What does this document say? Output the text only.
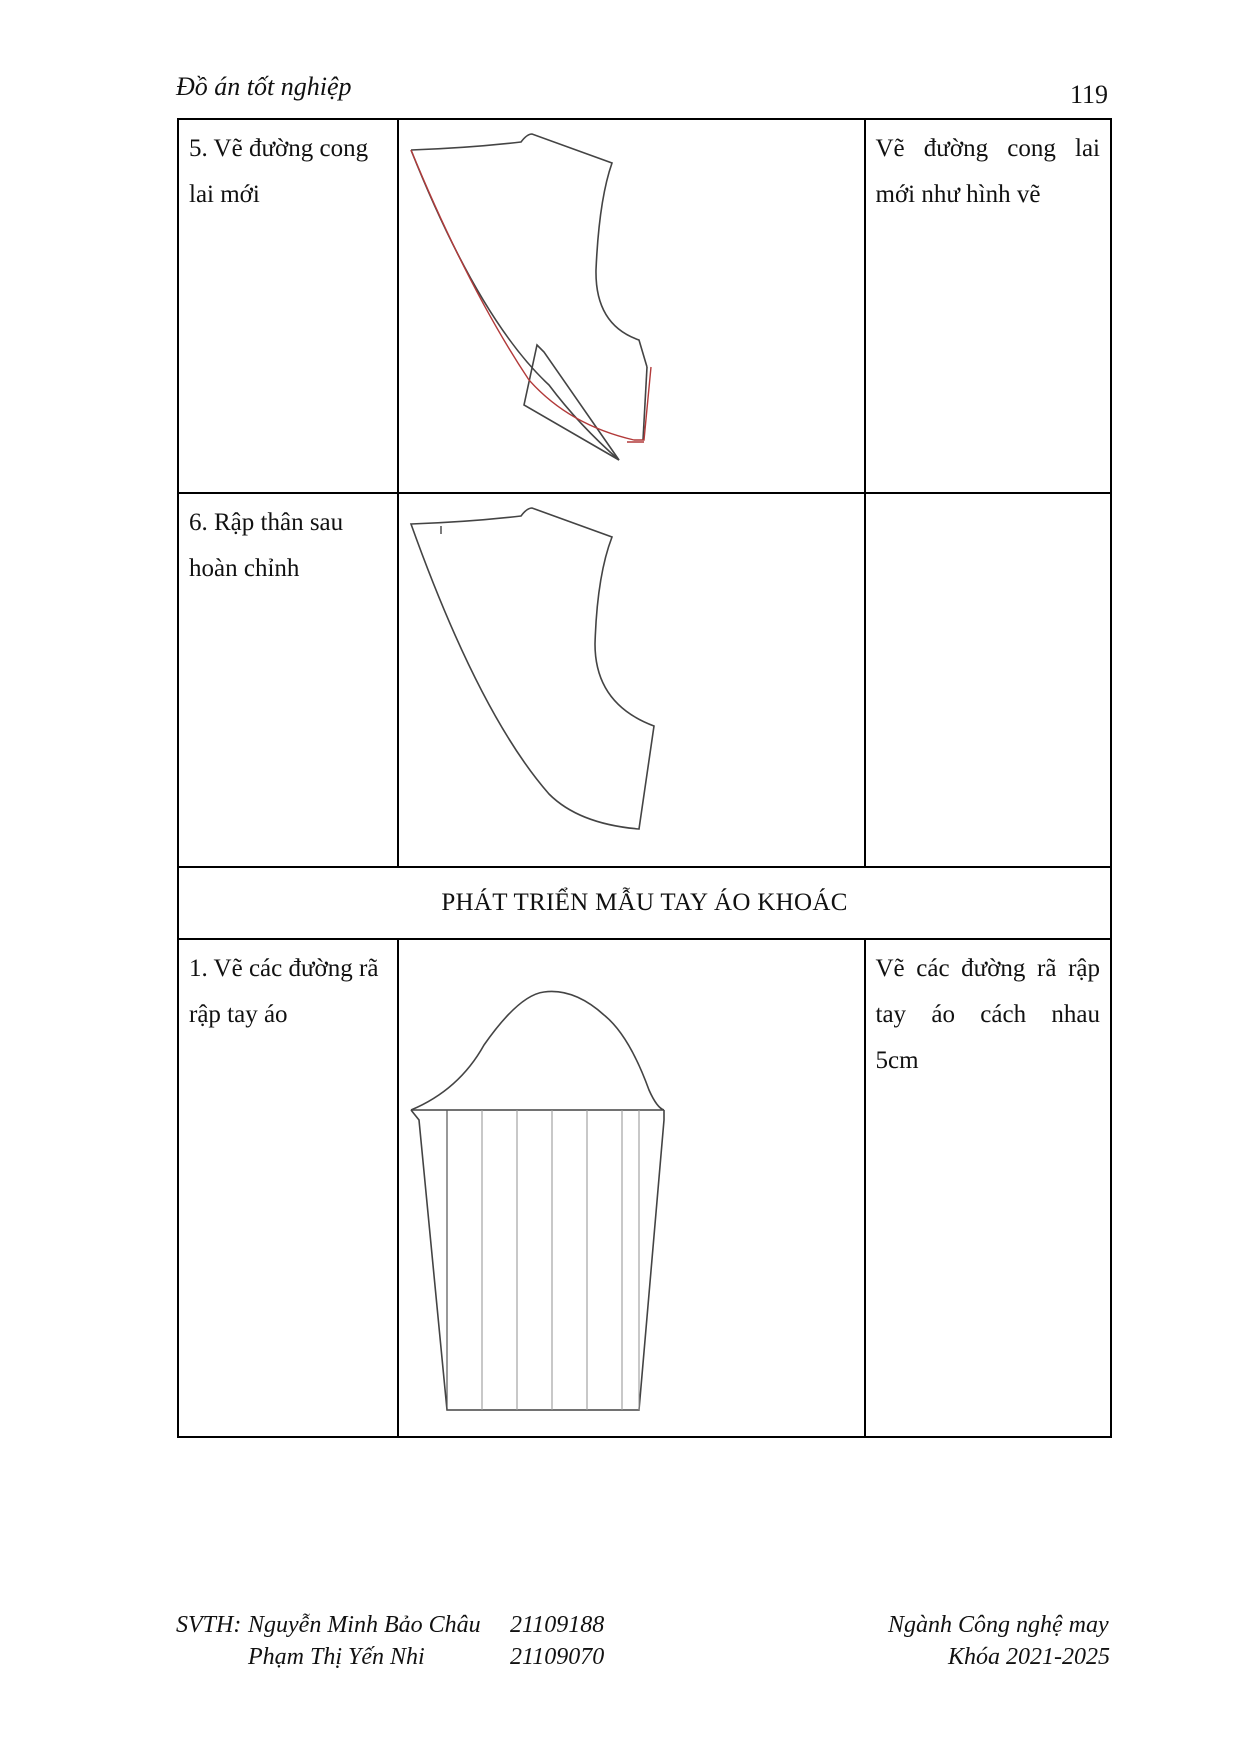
Đồ án tốt nghiệp	119
5. Vẽ đường cong lai mới		Vẽ đường cong lai
mới như hình vẽ

6. Rập thân sau hoàn chỉnh	

PHÁT TRIỂN MẪU TAY ÁO KHOÁC		
1. Vẽ các đường rã rập tay áo		Vẽ các đường rã rập
tay áo cách nhau
5cm
SVTH: Nguyễn Minh Bảo Châu 21109188
Phạm Thị Yến Nhi	21109070
Ngành Công nghệ may
Khóa 2021-2025
